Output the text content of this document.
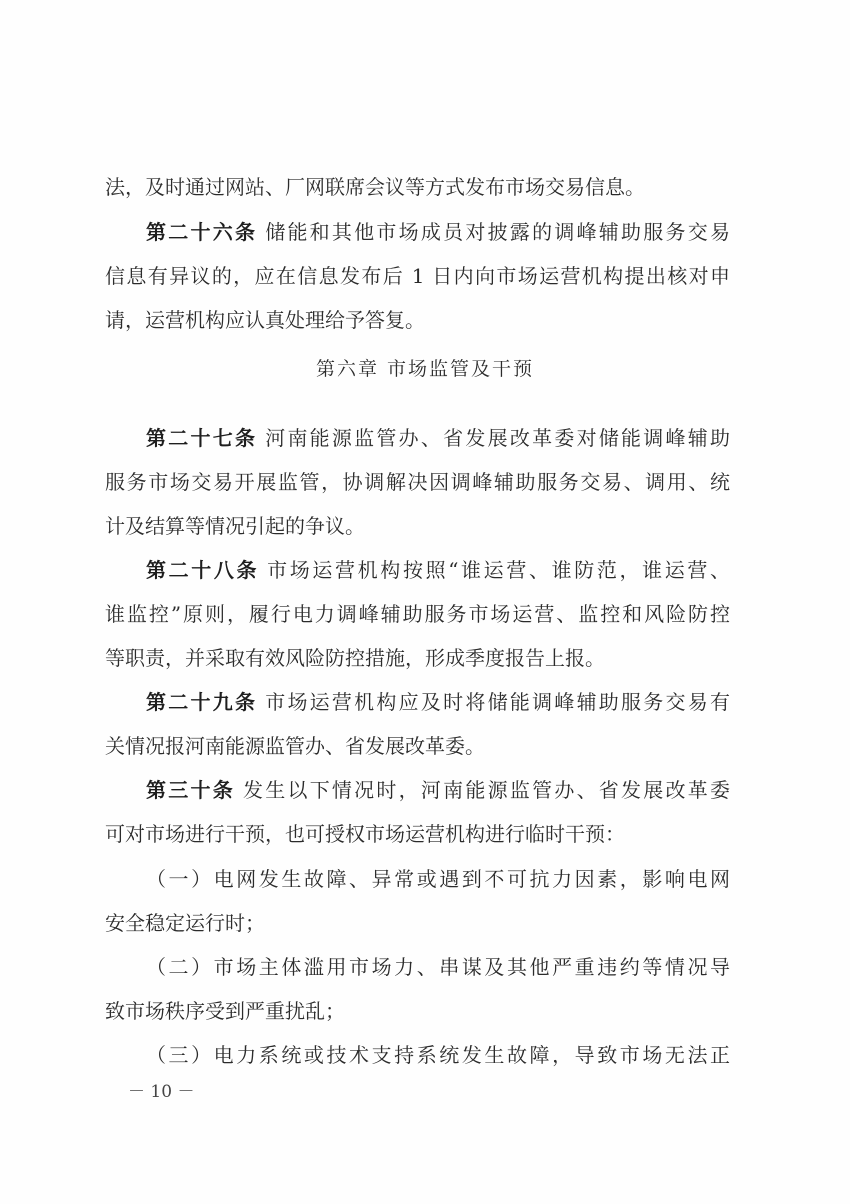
法，及时通过网站、厂网联席会议等方式发布市场交易信息。
第二十六条 储能和其他市场成员对披露的调峰辅助服务交易
信息有异议的，应在信息发布后 1 日内向市场运营机构提出核对申
请，运营机构应认真处理给予答复。
第六章 市场监管及干预
第二十七条 河南能源监管办、省发展改革委对储能调峰辅助
服务市场交易开展监管，协调解决因调峰辅助服务交易、调用、统
计及结算等情况引起的争议。
第二十八条 市场运营机构按照“谁运营、谁防范，谁运营、
谁监控”原则，履行电力调峰辅助服务市场运营、监控和风险防控
等职责，并采取有效风险防控措施，形成季度报告上报。
第二十九条 市场运营机构应及时将储能调峰辅助服务交易有
关情况报河南能源监管办、省发展改革委。
第三十条 发生以下情况时，河南能源监管办、省发展改革委
可对市场进行干预，也可授权市场运营机构进行临时干预：
（一）电网发生故障、异常或遇到不可抗力因素，影响电网
安全稳定运行时；
（二）市场主体滥用市场力、串谋及其他严重违约等情况导
致市场秩序受到严重扰乱；
（三）电力系统或技术支持系统发生故障，导致市场无法正
－ 10 －
